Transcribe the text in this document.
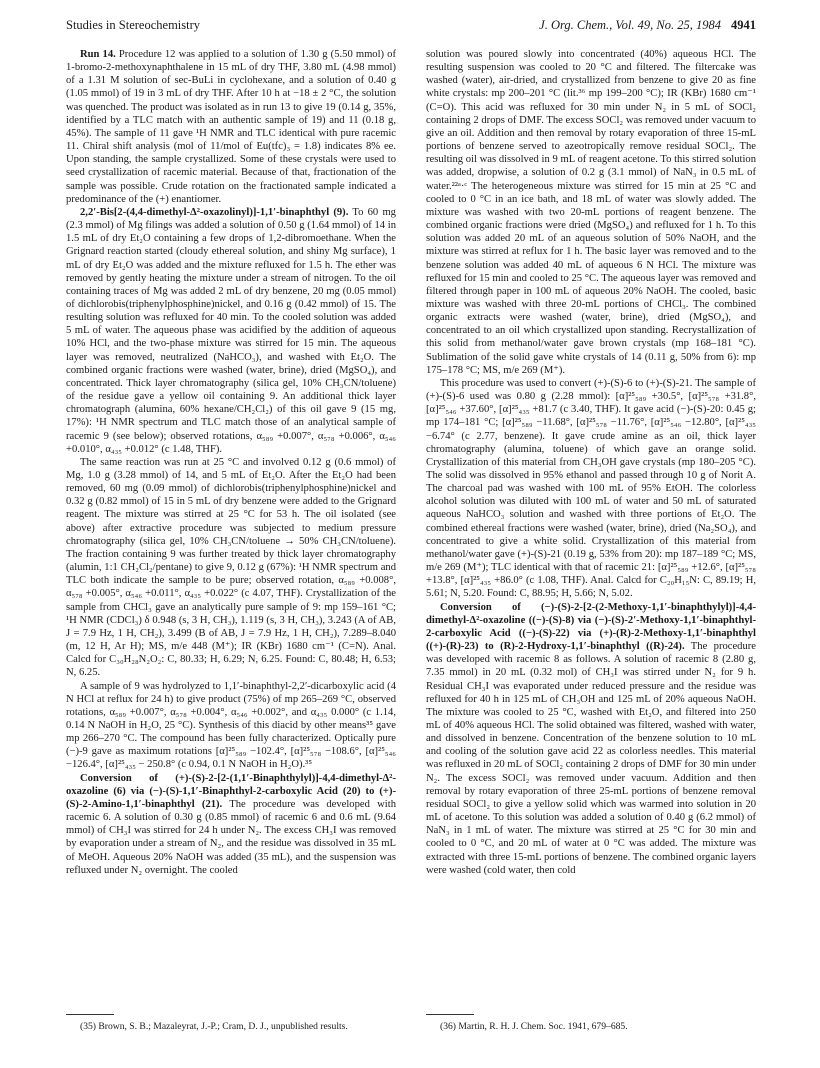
Studies in Stereochemistry	J. Org. Chem., Vol. 49, No. 25, 1984 4941

Run 14. Procedure 12 was applied to a solution of 1.30 g (5.50 mmol) of 1-bromo-2-methoxynaphthalene in 15 mL of dry THF, 3.80 mL (4.98 mmol) of a 1.31 M solution of sec-BuLi in cyclohexane, and a solution of 0.40 g (1.05 mmol) of 19 in 3 mL of dry THF. After 10 h at −18 ± 2 °C, the solution was quenched. The product was isolated as in run 13 to give 19 (0.14 g, 35%, identified by a TLC match with an authentic sample of 19) and 11 (0.18 g, 45%). The sample of 11 gave ¹H NMR and TLC identical with pure racemic 11. Chiral shift analysis (mol of 11/mol of Eu(tfc)₃ = 1.8) indicates 8% ee. Upon standing, the sample crystallized. Some of these crystals were used to seed crystallization of racemic material. Because of that, fractionation of the sample was possible. Crude rotation on the fractionated sample indicated a predominance of the (+) enantiomer.

2,2′-Bis[2-(4,4-dimethyl-Δ²-oxazolinyl)]-1,1′-binaphthyl (9). To 60 mg (2.3 mmol) of Mg filings was added a solution of 0.50 g (1.64 mmol) of 14 in 1.5 mL of dry Et₂O containing a few drops of 1,2-dibromoethane. When the Grignard reaction started (cloudy ethereal solution, and shiny Mg surface), 1 mL of dry Et₂O was added and the mixture refluxed for 1.5 h. The ether was removed by gently heating the mixture under a stream of nitrogen. To the oil containing traces of Mg was added 2 mL of dry benzene, 20 mg (0.05 mmol) of dichlorobis(triphenylphosphine)nickel, and 0.16 g (0.42 mmol) of 15. The resulting solution was refluxed for 40 min. To the cooled solution was added 5 mL of water. The aqueous phase was acidified by the addition of aqueous 10% HCl, and the two-phase mixture was stirred for 15 min. The aqueous layer was removed, neutralized (NaHCO₃), and washed with Et₂O. The combined organic fractions were washed (water, brine), dried (MgSO₄), and concentrated. Thick layer chromatography (silica gel, 10% CH₃CN/toluene) of the residue gave a yellow oil containing 9. An additional thick layer chromatograph (alumina, 60% hexane/CH₂Cl₂) of this oil gave 9 (15 mg, 17%): ¹H NMR spectrum and TLC match those of an analytical sample of racemic 9 (see below); observed rotations, α₅₈₉ +0.007°, α₅₇₈ +0.006°, α₅₄₆ +0.010°, α₄₃₅ +0.012° (c 1.48, THF).

The same reaction was run at 25 °C and involved 0.12 g (0.6 mmol) of Mg, 1.0 g (3.28 mmol) of 14, and 5 mL of Et₂O. After the Et₂O had been removed, 60 mg (0.09 mmol) of dichlorobis(triphenylphosphine)nickel and 0.32 g (0.82 mmol) of 15 in 5 mL of dry benzene were added to the Grignard reagent. The mixture was stirred at 25 °C for 53 h. The oil isolated (see above) after extractive procedure was subjected to medium pressure chromatography (silica gel, 10% CH₃CN/toluene → 50% CH₃CN/toluene). The fraction containing 9 was further treated by thick layer chromatography (alumin, 1:1 CH₂Cl₂/pentane) to give 9, 0.12 g (67%): ¹H NMR spectrum and TLC both indicate the sample to be pure; observed rotation, α₅₈₉ +0.008°, α₅₇₈ +0.005°, α₅₄₆ +0.011°, α₄₃₅ +0.022° (c 4.07, THF). Crystallization of the sample from CHCl₃ gave an analytically pure sample of 9: mp 159–161 °C; ¹H NMR (CDCl₃) δ 0.948 (s, 3 H, CH₃), 1.119 (s, 3 H, CH₃), 3.243 (A of AB, J = 7.9 Hz, 1 H, CH₂), 3.499 (B of AB, J = 7.9 Hz, 1 H, CH₂), 7.289–8.040 (m, 12 H, Ar H); MS, m/e 448 (M⁺); IR (KBr) 1680 cm⁻¹ (C=N). Anal. Calcd for C₃₀H₂₈N₂O₂: C, 80.33; H, 6.29; N, 6.25. Found: C, 80.48; H, 6.53; N, 6.25.

A sample of 9 was hydrolyzed to 1,1′-binaphthyl-2,2′-dicarboxylic acid (4 N HCl at reflux for 24 h) to give product (75%) of mp 265–269 °C, observed rotations, α₅₈₉ +0.007°, α₅₇₈ +0.004°, α₅₄₆ +0.002°, and α₄₃₅ 0.000° (c 1.14, 0.14 N NaOH in H₂O, 25 °C). Synthesis of this diacid by other means³⁵ gave mp 266–270 °C. The compound has been fully characterized. Optically pure (−)-9 gave as maximum rotations [α]²⁵₅₈₉ −102.4°, [α]²⁵₅₇₈ −108.6°, [α]²⁵₅₄₆ −126.4°, [α]²⁵₄₃₅ − 250.8° (c 0.94, 0.1 N NaOH in H₂O).³⁵

Conversion of (+)-(S)-2-[2-(1,1′-Binaphthylyl)]-4,4-dimethyl-Δ²-oxazoline (6) via (−)-(S)-1,1′-Binaphthyl-2-carboxylic Acid (20) to (+)-(S)-2-Amino-1,1′-binaphthyl (21). The procedure was developed with racemic 6. A solution of 0.30 g (0.85 mmol) of racemic 6 and 0.6 mL (9.64 mmol) of CH₃I was stirred for 24 h under N₂. The excess CH₃I was removed by evaporation under a stream of N₂, and the residue was dissolved in 35 mL of MeOH. Aqueous 20% NaOH was added (35 mL), and the suspension was refluxed under N₂ overnight. The cooled

solution was poured slowly into concentrated (40%) aqueous HCl. The resulting suspension was cooled to 20 °C and filtered. The filtercake was washed (water), air-dried, and crystallized from benzene to give 20 as fine white crystals: mp 200–201 °C (lit.³⁶ mp 199–200 °C); IR (KBr) 1680 cm⁻¹ (C=O). This acid was refluxed for 30 min under N₂ in 5 mL of SOCl₂ containing 2 drops of DMF. The excess SOCl₂ was removed under vacuum to give an oil. Addition and then removal by rotary evaporation of three 15-mL portions of benzene served to azeotropically remove residual SOCl₂. The resulting oil was dissolved in 9 mL of reagent acetone. To this stirred solution was added, dropwise, a solution of 0.2 g (3.1 mmol) of NaN₃ in 0.5 mL of water.²²ᵃ·ᶜ The heterogeneous mixture was stirred for 15 min at 25 °C and cooled to 0 °C in an ice bath, and 18 mL of water was slowly added. The mixture was washed with two 20-mL portions of reagent benzene. The combined organic fractions were dried (MgSO₄) and refluxed for 1 h. To this solution was added 20 mL of an aqueous solution of 50% NaOH, and the mixture was stirred at reflux for 1 h. The basic layer was removed and to the benzene solution was added 40 mL of aqueous 6 N HCl. The mixture was refluxed for 15 min and cooled to 25 °C. The aqueous layer was removed and filtered through paper in 100 mL of aqueous 20% NaOH. The cooled, basic mixture was washed with three 20-mL portions of CHCl₃. The combined organic extracts were washed (water, brine), dried (MgSO₄), and concentrated to an oil which crystallized upon standing. Recrystallization of this solid from methanol/water gave brown crystals (mp 168–181 °C). Sublimation of the solid gave white crystals of 14 (0.11 g, 50% from 6): mp 175–178 °C; MS, m/e 269 (M⁺).

This procedure was used to convert (+)-(S)-6 to (+)-(S)-21. The sample of (+)-(S)-6 used was 0.80 g (2.28 mmol): [α]²⁵₅₈₉ +30.5°, [α]²⁵₅₇₈ +31.8°, [α]²⁵₅₄₆ +37.60°, [α]²⁵₄₃₅ +81.7 (c 3.40, THF). It gave acid (−)-(S)-20: 0.45 g; mp 174–181 °C; [α]²⁵₅₈₉ −11.68°, [α]²⁵₅₇₈ −11.76°, [α]²⁵₅₄₆ −12.80°, [α]²⁵₄₃₅ −6.74° (c 2.77, benzene). It gave crude amine as an oil, thick layer chromatography (alumina, toluene) of which gave an orange solid. Crystallization of this material from CH₃OH gave crystals (mp 180–205 °C). The solid was dissolved in 95% ethanol and passed through 10 g of Norit A. The charcoal pad was washed with 100 mL of 95% EtOH. The colorless alcohol solution was diluted with 100 mL of water and 50 mL of saturated aqueous NaHCO₃ solution and washed with three portions of Et₂O. The combined ethereal fractions were washed (water, brine), dried (Na₂SO₄), and concentrated to give a white solid. Crystallization of this material from methanol/water gave (+)-(S)-21 (0.19 g, 53% from 20): mp 187–189 °C; MS, m/e 269 (M⁺); TLC identical with that of racemic 21: [α]²⁵₅₈₉ +12.6°, [α]²⁵₅₇₈ +13.8°, [α]²⁵₄₃₅ +86.0° (c 1.08, THF). Anal. Calcd for C₂₀H₁₅N: C, 89.19; H, 5.61; N, 5.20. Found: C, 88.95; H, 5.66; N, 5.02.

Conversion of (−)-(S)-2-[2-(2-Methoxy-1,1′-binaphthylyl)]-4,4-dimethyl-Δ²-oxazoline ((−)-(S)-8) via (−)-(S)-2′-Methoxy-1,1′-binaphthyl-2-carboxylic Acid ((−)-(S)-22) via (+)-(R)-2-Methoxy-1,1′-binaphthyl ((+)-(R)-23) to (R)-2-Hydroxy-1,1′-binaphthyl ((R)-24). The procedure was developed with racemic 8 as follows. A solution of racemic 8 (2.80 g, 7.35 mmol) in 20 mL (0.32 mol) of CH₃I was stirred under N₂ for 9 h. Residual CH₃I was evaporated under reduced pressure and the residue was refluxed for 40 h in 125 mL of CH₃OH and 125 mL of 20% aqueous NaOH. The mixture was cooled to 25 °C, washed with Et₂O, and filtered into 250 mL of 40% aqueous HCl. The solid obtained was filtered, washed with water, and dissolved in benzene. Concentration of the benzene solution to 10 mL and cooling of the solution gave acid 22 as colorless needles. This material was refluxed in 20 mL of SOCl₂ containing 2 drops of DMF for 30 min under N₂. The excess SOCl₂ was removed under vacuum. Addition and then removal by rotary evaporation of three 25-mL portions of benzene removal residual SOCl₂ to give a yellow solid which was warmed into solution in 20 mL of acetone. To this solution was added a solution of 0.40 g (6.2 mmol) of NaN₃ in 1 mL of water. The mixture was stirred at 25 °C for 30 min and cooled to 0 °C, and 20 mL of water at 0 °C was added. The mixture was extracted with three 15-mL portions of benzene. The combined organic layers were washed (cold water, then cold

(35) Brown, S. B.; Mazaleyrat, J.-P.; Cram, D. J., unpublished results.	(36) Martin, R. H. J. Chem. Soc. 1941, 679–685.
